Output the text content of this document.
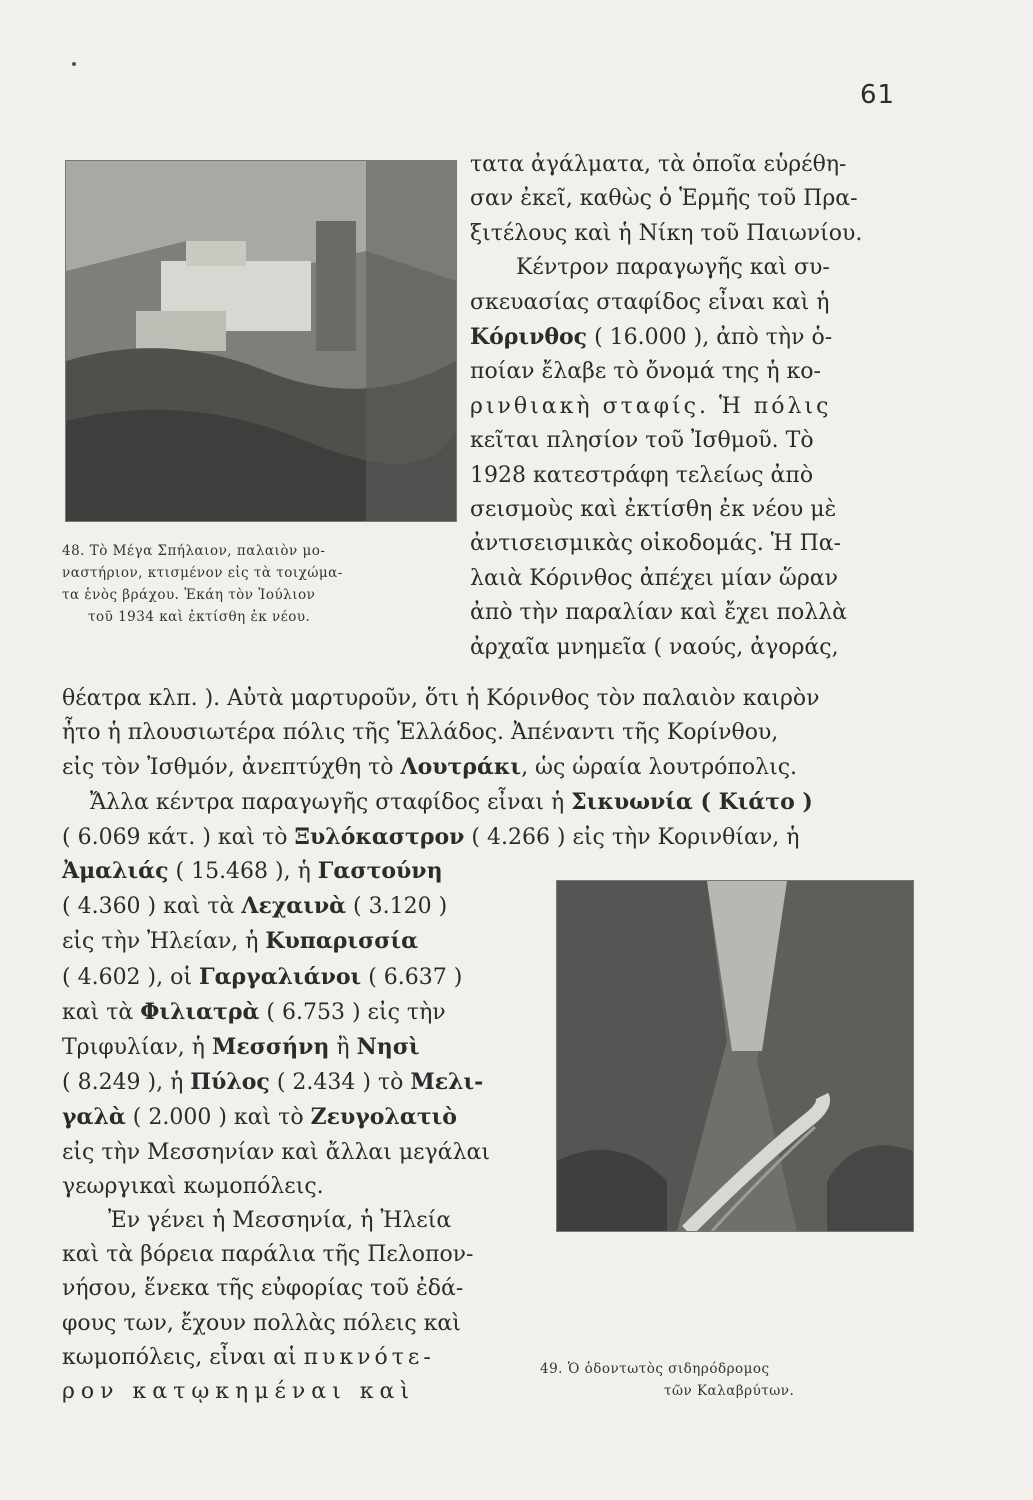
61
48. Τὸ Μέγα Σπήλαιον, παλαιὸν μο-
ναστήριον, κτισμένον εἰς τὰ τοιχώμα-
τα ἑνὸς βράχου. Ἐκάη τὸν Ἰούλιον
τοῦ 1934 καὶ ἐκτίσθη ἐκ νέου.
τατα ἀγάλματα, τὰ ὁποῖα εὑρέθη-
σαν ἐκεῖ, καθὼς ὁ Ἑρμῆς τοῦ Πρα-
ξιτέλους καὶ ἡ Νίκη τοῦ Παιωνίου.
Κέντρον παραγωγῆς καὶ συ-
σκευασίας σταφίδος εἶναι καὶ ἡ
Κόρινθος ( 16.000 ), ἀπὸ τὴν ὁ-
ποίαν ἔλαβε τὸ ὄνομά της ἡ κο-
ρινθιακὴ σταφίς. Ἡ πόλις
κεῖται πλησίον τοῦ Ἰσθμοῦ. Τὸ
1928 κατεστράφη τελείως ἀπὸ
σεισμοὺς καὶ ἐκτίσθη ἐκ νέου μὲ
ἀντισεισμικὰς οἰκοδομάς. Ἡ Πα-
λαιὰ Κόρινθος ἀπέχει μίαν ὥραν
ἀπὸ τὴν παραλίαν καὶ ἔχει πολλὰ
ἀρχαῖα μνημεῖα ( ναούς, ἀγοράς,
θέατρα κλπ. ). Αὐτὰ μαρτυροῦν, ὅτι ἡ Κόρινθος τὸν παλαιὸν καιρὸν
ἦτο ἡ πλουσιωτέρα πόλις τῆς Ἑλλάδος. Ἀπέναντι τῆς Κορίνθου,
εἰς τὸν Ἰσθμόν, ἀνεπτύχθη τὸ Λουτράκι, ὡς ὡραία λουτρόπολις.
Ἄλλα κέντρα παραγωγῆς σταφίδος εἶναι ἡ Σικυωνία ( Κιάτο )
( 6.069 κάτ. ) καὶ τὸ Ξυλόκαστρον ( 4.266 ) εἰς τὴν Κορινθίαν, ἡ
Ἀμαλιάς ( 15.468 ), ἡ Γαστούνη
( 4.360 ) καὶ τὰ Λεχαινὰ ( 3.120 )
εἰς τὴν Ἠλείαν, ἡ Κυπαρισσία
( 4.602 ), οἱ Γαργαλιάνοι ( 6.637 )
καὶ τὰ Φιλιατρὰ ( 6.753 ) εἰς τὴν
Τριφυλίαν, ἡ Μεσσήνη ἢ Νησὶ
( 8.249 ), ἡ Πύλος ( 2.434 ) τὸ Μελι-
γαλὰ ( 2.000 ) καὶ τὸ Ζευγολατιὸ
εἰς τὴν Μεσσηνίαν καὶ ἄλλαι μεγάλαι
γεωργικαὶ κωμοπόλεις.
Ἐν γένει ἡ Μεσσηνία, ἡ Ἠλεία
καὶ τὰ βόρεια παράλια τῆς Πελοπον-
νήσου, ἕνεκα τῆς εὐφορίας τοῦ ἐδά-
φους των, ἔχουν πολλὰς πόλεις καὶ
κωμοπόλεις, εἶναι αἱ πυκνότε-
ρον κατῳκημέναι καὶ
49. Ὁ ὀδοντωτὸς σιδηρόδρομος
τῶν Καλαβρύτων.
